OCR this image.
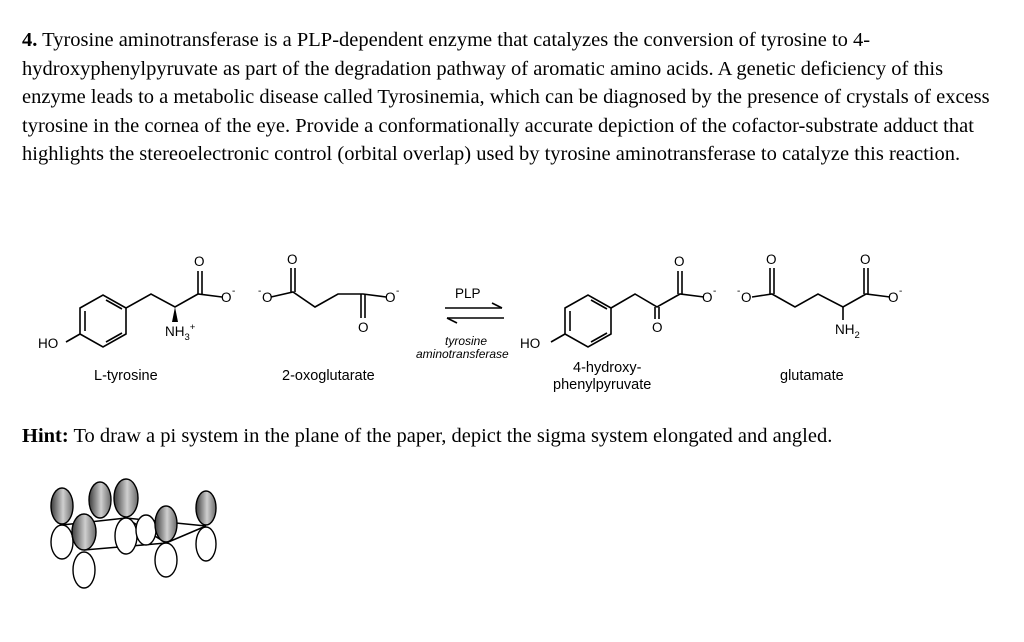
4. Tyrosine aminotransferase is a PLP-dependent enzyme that catalyzes the conversion of tyrosine to 4-hydroxyphenylpyruvate as part of the degradation pathway of aromatic amino acids. A genetic deficiency of this enzyme leads to a metabolic disease called Tyrosinemia, which can be diagnosed by the presence of crystals of excess tyrosine in the cornea of the eye. Provide a conformationally accurate depiction of the cofactor-substrate adduct that highlights the stereoelectronic control (orbital overlap) used by tyrosine aminotransferase to catalyze this reaction.

HO
O
O -
$NH_3^+$
- O
O
O
O -	PLP
tyrosine
aminotransferase
HO
O
O
O - - O
O	O
O -
$NH_2$
L-tyrosine	2-oxoglutarate	4-hydroxy-
phenylpyruvate
glutamate

Hint: To draw a pi system in the plane of the paper, depict the sigma system elongated and angled.
